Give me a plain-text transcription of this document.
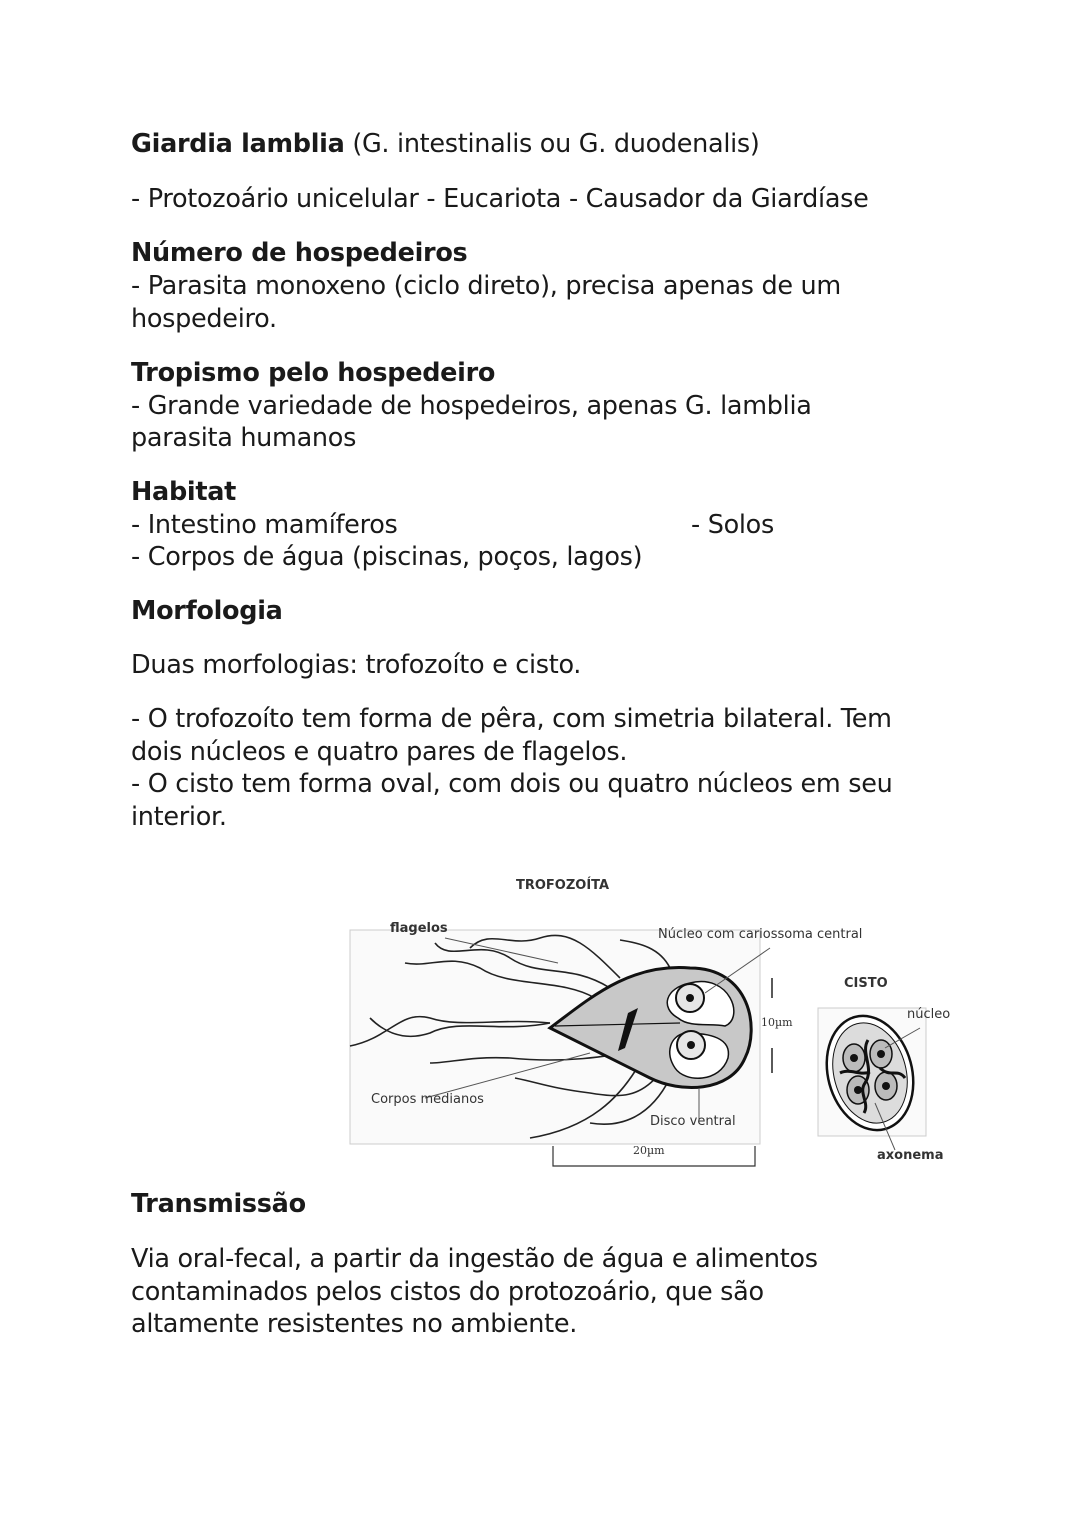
Giardia lamblia (G. intestinalis ou G. duodenalis)
- Protozoário unicelular - Eucariota - Causador da Giardíase
Número de hospedeiros
- Parasita monoxeno (ciclo direto), precisa apenas de um
hospedeiro.
Tropismo pelo hospedeiro
- Grande variedade de hospedeiros, apenas G. lamblia
parasita humanos
Habitat
- Intestino mamíferos	- Solos
- Corpos de água (piscinas, poços, lagos)
Morfologia
Duas morfologias: trofozoíto e cisto.
- O trofozoíto tem forma de pêra, com simetria bilateral. Tem
dois núcleos e quatro pares de flagelos.
- O cisto tem forma oval, com dois ou quatro núcleos em seu
interior.
Transmissão
Via oral-fecal, a partir da ingestão de água e alimentos
contaminados pelos cistos do protozoário, que são
altamente resistentes no ambiente.
TROFOZOÍTA
flagelos	Núcleo com cariossoma central
Corpos medianos
Disco ventral
10µm
20µm
CISTO
núcleo
axonema
